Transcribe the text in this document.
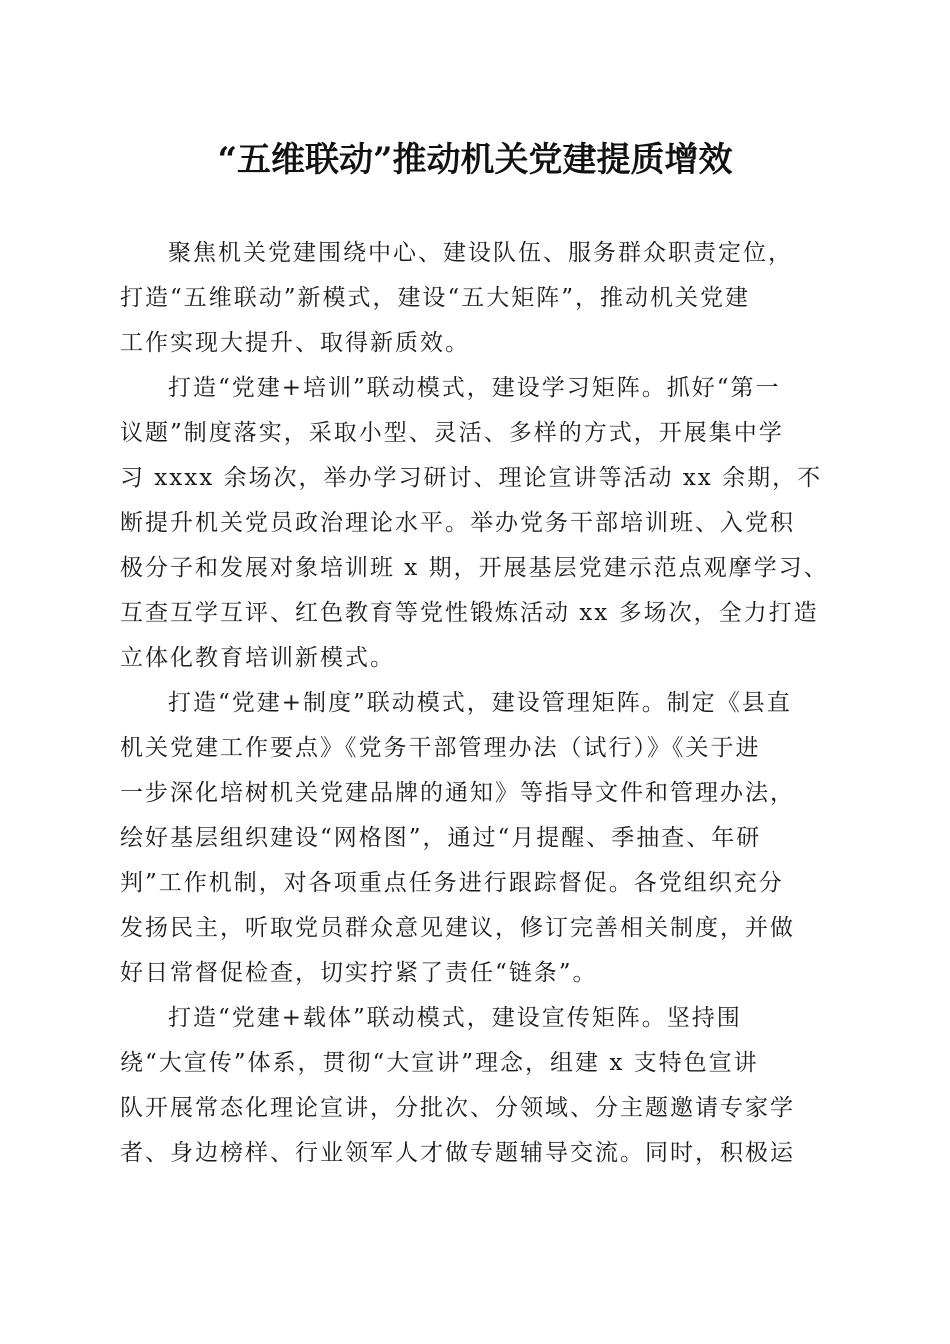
“五维联动”推动机关党建提质增效
聚焦机关党建围绕中心、建设队伍、服务群众职责定位，
打造“五维联动”新模式，建设“五大矩阵”，推动机关党建
工作实现大提升、取得新质效。
打造“党建+培训”联动模式，建设学习矩阵。抓好“第一
议题”制度落实，采取小型、灵活、多样的方式，开展集中学
习 xxxx 余场次，举办学习研讨、理论宣讲等活动 xx 余期，不
断提升机关党员政治理论水平。举办党务干部培训班、入党积
极分子和发展对象培训班 x 期，开展基层党建示范点观摩学习、
互查互学互评、红色教育等党性锻炼活动 xx 多场次，全力打造
立体化教育培训新模式。
打造“党建+制度”联动模式，建设管理矩阵。制定《县直
机关党建工作要点》《党务干部管理办法（试行）》《关于进
一步深化培树机关党建品牌的通知》等指导文件和管理办法，
绘好基层组织建设“网格图”，通过“月提醒、季抽查、年研
判”工作机制，对各项重点任务进行跟踪督促。各党组织充分
发扬民主，听取党员群众意见建议，修订完善相关制度，并做
好日常督促检查，切实拧紧了责任“链条”。
打造“党建+载体”联动模式，建设宣传矩阵。坚持围
绕“大宣传”体系，贯彻“大宣讲”理念，组建 x 支特色宣讲
队开展常态化理论宣讲，分批次、分领域、分主题邀请专家学
者、身边榜样、行业领军人才做专题辅导交流。同时，积极运
